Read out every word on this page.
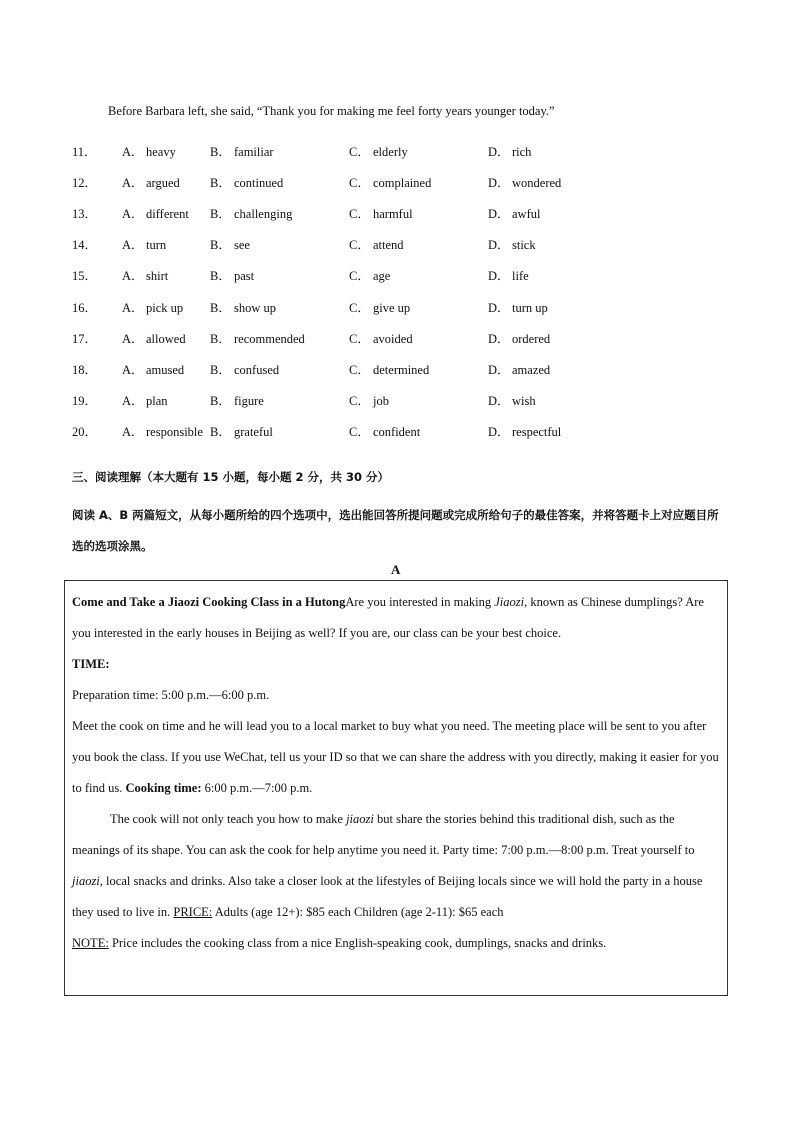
Before Barbara left, she said, “Thank you for making me feel forty years younger today.”
11．	A． heavy	B． familiar	C． elderly	D． rich
12．	A． argued	B． continued	C． complained	D． wondered
13．	A． different	B． challenging	C． harmful	D． awful
14．	A． turn	B． see	C． attend	D． stick
15．	A． shirt	B． past	C． age	D． life
16．	A． pick up	B． show up	C． give up	D． turn up
17．	A． allowed	B． recommended	C． avoided	D． ordered
18．	A． amused	B． confused	C． determined	D． amazed
19．	A． plan	B． figure	C． job	D． wish
20．	A． responsible B． grateful	C． confident	D． respectful
三、阅读理解（本大题有 15 小题，每小题 2 分，共 30 分）
阅读 A、B 两篇短文，从每小题所给的四个选项中，选出能回答所提问题或完成所给句子的最佳答案，并将答题卡上对应题目所选的选项涂黑。
A

Come and Take a Jiaozi Cooking Class in a HutongAre you interested in making Jiaozi, known as Chinese dumplings? Are you interested in the early houses in Beijing as well? If you are, our class can be your best choice.

TIME:

Preparation time: 5:00 p.m.—6:00 p.m.

Meet the cook on time and he will lead you to a local market to buy what you need. The meeting place will be sent to you after you book the class. If you use WeChat, tell us your ID so that we can share the address with you directly, making it easier for you to find us. Cooking time: 6:00 p.m.—7:00 p.m.

The cook will not only teach you how to make jiaozi but share the stories behind this traditional dish, such as the meanings of its shape. You can ask the cook for help anytime you need it. Party time: 7:00 p.m.—8:00 p.m. Treat yourself to jiaozi, local snacks and drinks. Also take a closer look at the lifestyles of Beijing locals since we will hold the party in a house they used to live in. PRICE: Adults (age 12+): $85 each Children (age 2-11): $65 each

NOTE: Price includes the cooking class from a nice English-speaking cook, dumplings, snacks and drinks.
